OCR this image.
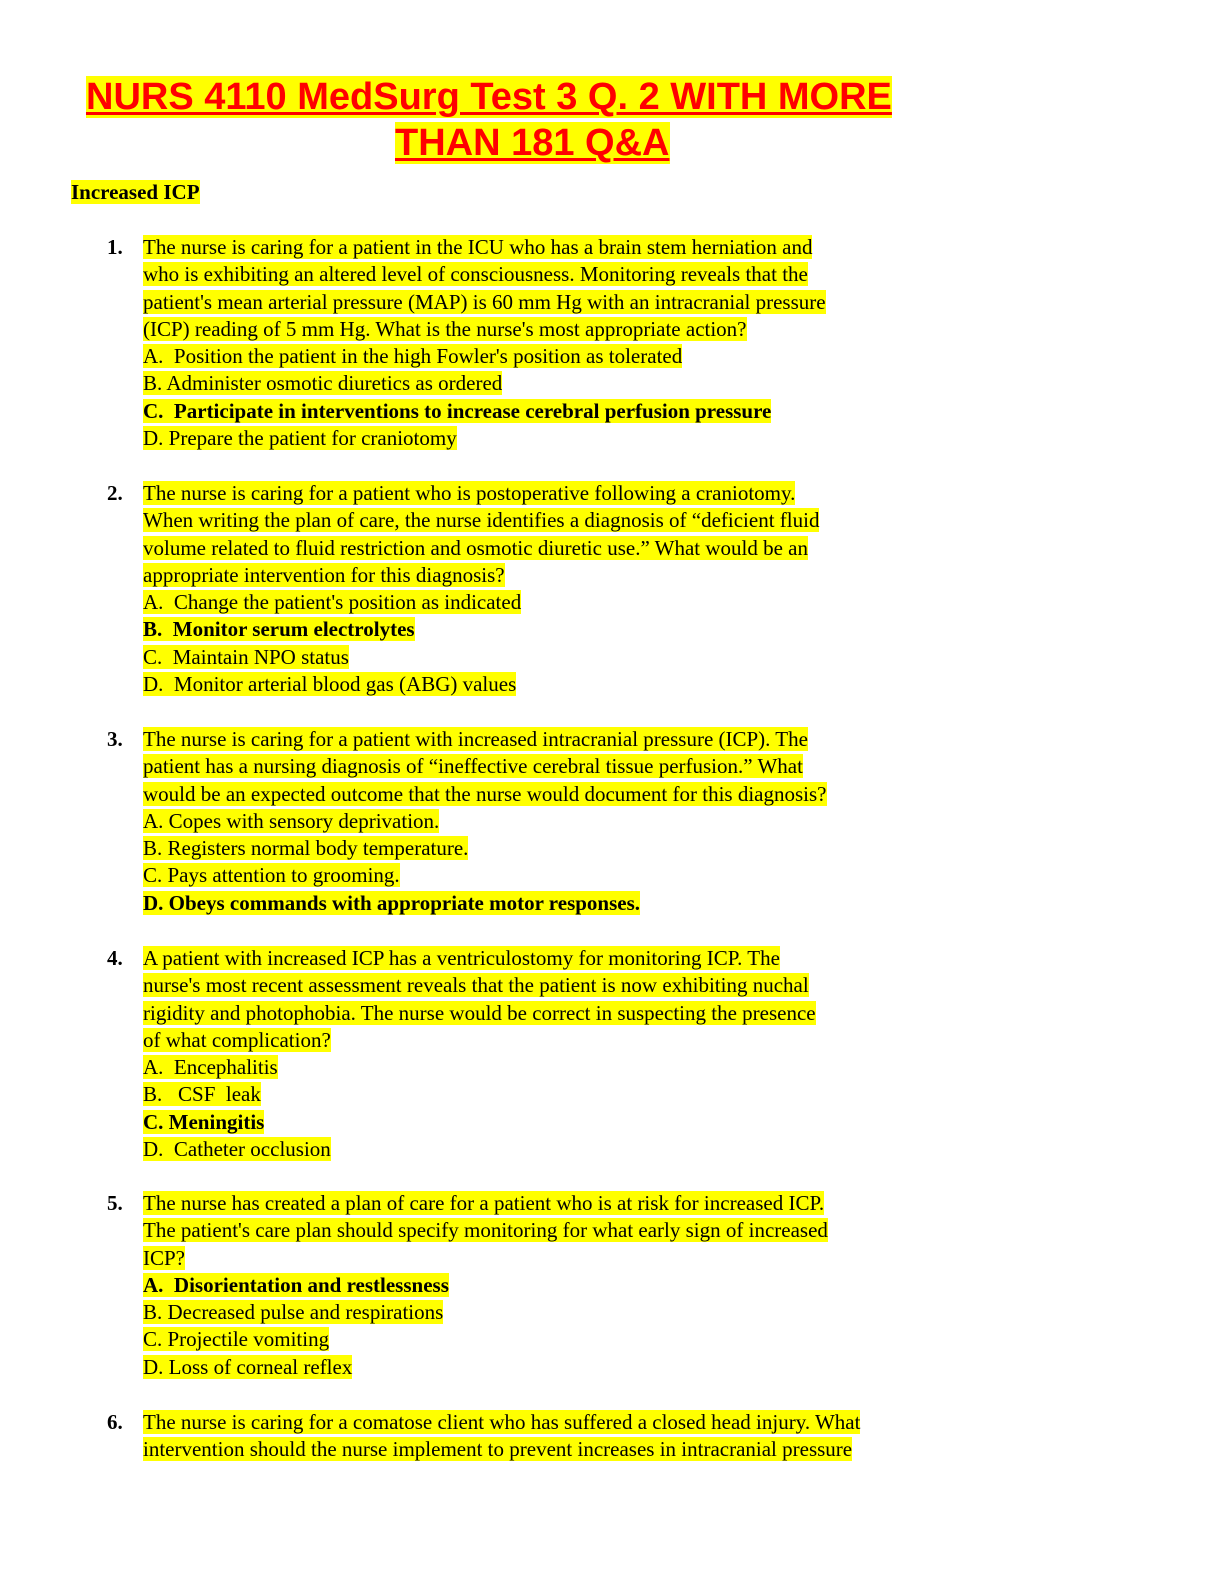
NURS 4110 MedSurg Test 3 Q. 2 WITH MORE
THAN 181 Q&A
Increased ICP
1. The nurse is caring for a patient in the ICU who has a brain stem herniation and
who is exhibiting an altered level of consciousness. Monitoring reveals that the
patient's mean arterial pressure (MAP) is 60 mm Hg with an intracranial pressure
(ICP) reading of 5 mm Hg. What is the nurse's most appropriate action?
A.  Position the patient in the high Fowler's position as tolerated
B. Administer osmotic diuretics as ordered
C.  Participate in interventions to increase cerebral perfusion pressure
D. Prepare the patient for craniotomy
2. The nurse is caring for a patient who is postoperative following a craniotomy.
When writing the plan of care, the nurse identifies a diagnosis of “deficient fluid
volume related to fluid restriction and osmotic diuretic use.” What would be an
appropriate intervention for this diagnosis?
A.  Change the patient's position as indicated
B.  Monitor serum electrolytes
C.  Maintain NPO status
D.  Monitor arterial blood gas (ABG) values
3. The nurse is caring for a patient with increased intracranial pressure (ICP). The
patient has a nursing diagnosis of “ineffective cerebral tissue perfusion.” What
would be an expected outcome that the nurse would document for this diagnosis?
A. Copes with sensory deprivation.
B. Registers normal body temperature.
C. Pays attention to grooming.
D. Obeys commands with appropriate motor responses.
4. A patient with increased ICP has a ventriculostomy for monitoring ICP. The
nurse's most recent assessment reveals that the patient is now exhibiting nuchal
rigidity and photophobia. The nurse would be correct in suspecting the presence
of what complication?
A.  Encephalitis
B.   CSF  leak
C. Meningitis
D.  Catheter occlusion
5. The nurse has created a plan of care for a patient who is at risk for increased ICP.
The patient's care plan should specify monitoring for what early sign of increased
ICP?
A.  Disorientation and restlessness
B. Decreased pulse and respirations
C. Projectile vomiting
D. Loss of corneal reflex
6. The nurse is caring for a comatose client who has suffered a closed head injury. What
intervention should the nurse implement to prevent increases in intracranial pressure
